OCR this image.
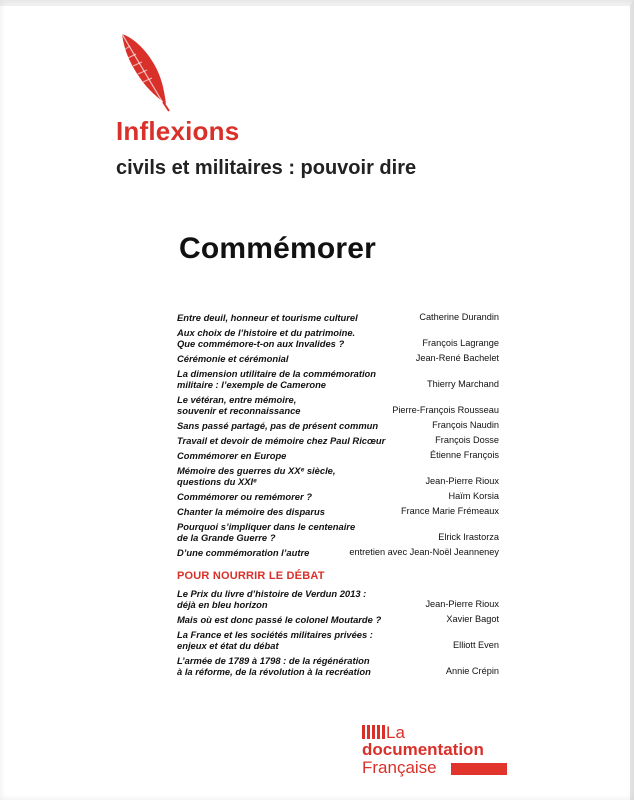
Inflexions
civils et militaires : pouvoir dire
Commémorer
Entre deuil, honneur et tourisme culturel	Catherine Durandin
Aux choix de l’histoire et du patrimoine.
Que commémore-t-on aux Invalides ?	François Lagrange
Cérémonie et cérémonial	Jean-René Bachelet
La dimension utilitaire de la commémoration
militaire : l’exemple de Camerone	Thierry Marchand
Le vétéran, entre mémoire,
souvenir et reconnaissance	Pierre-François Rousseau
Sans passé partagé, pas de présent commun	François Naudin
Travail et devoir de mémoire chez Paul Ricœur	François Dosse
Commémorer en Europe	Étienne François
Mémoire des guerres du XXᵉ siècle,
questions du XXIᵉ	Jean-Pierre Rioux
Commémorer ou remémorer ?	Haïm Korsia
Chanter la mémoire des disparus	France Marie Frémeaux
Pourquoi s’impliquer dans le centenaire
de la Grande Guerre ?	Elrick Irastorza
D’une commémoration l’autre	entretien avec Jean-Noël Jeanneney
POUR NOURRIR LE DÉBAT
Le Prix du livre d’histoire de Verdun 2013 :
déjà en bleu horizon	Jean-Pierre Rioux
Mais où est donc passé le colonel Moutarde ?	Xavier Bagot
La France et les sociétés militaires privées :
enjeux et état du débat	Elliott Even
L’armée de 1789 à 1798 : de la régénération
à la réforme, de la révolution à la recréation	Annie Crépin
La
documentation
Française
